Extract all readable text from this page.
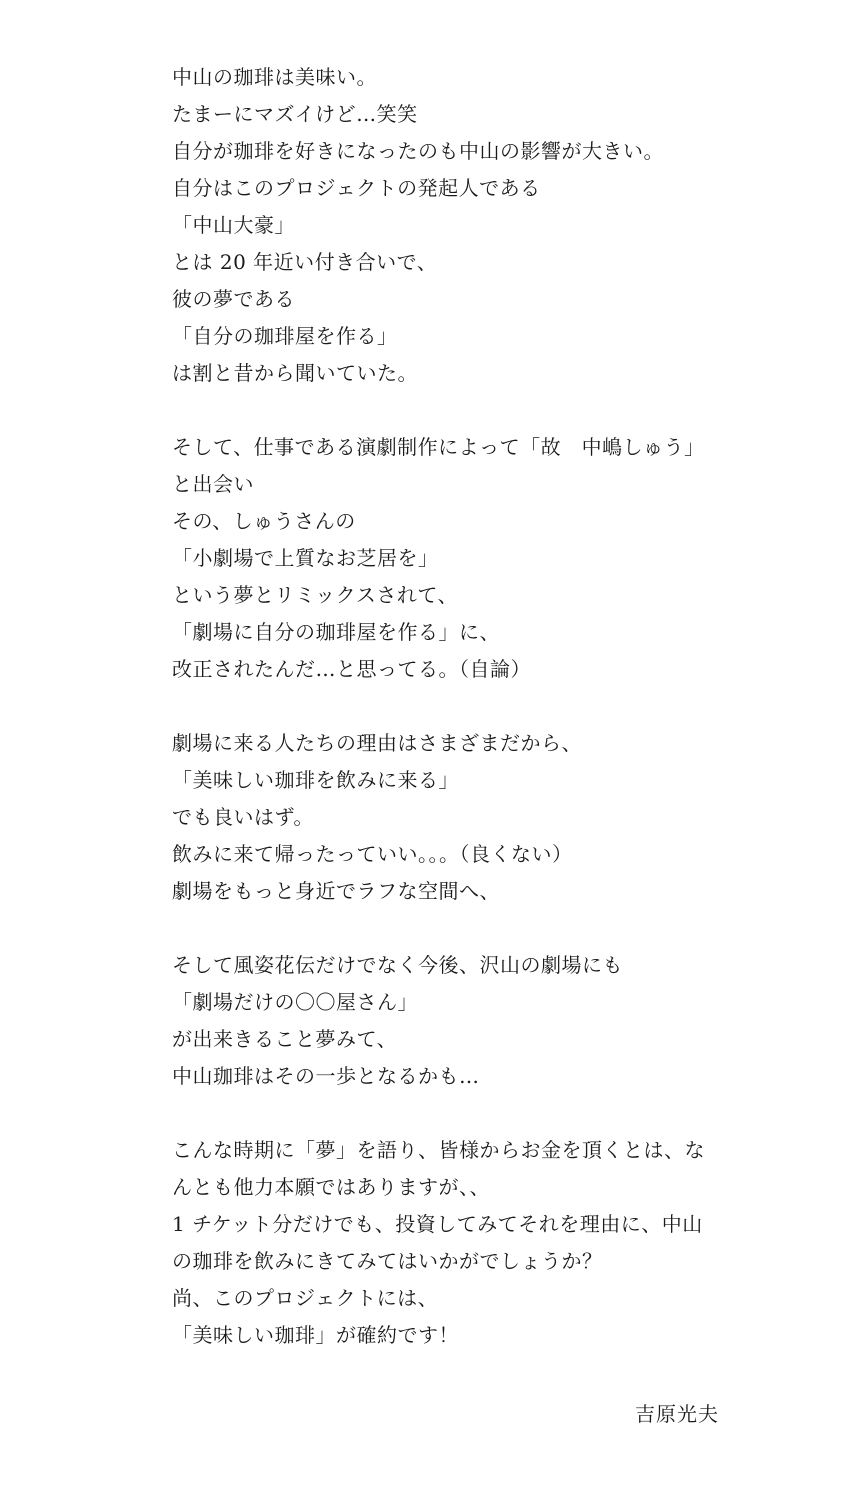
中山の珈琲は美味い。
たまーにマズイけど…笑笑
自分が珈琲を好きになったのも中山の影響が大きい。
自分はこのプロジェクトの発起人である
「中山大豪」
とは 20 年近い付き合いで、
彼の夢である
「自分の珈琲屋を作る」
は割と昔から聞いていた。
そして、仕事である演劇制作によって「故　中嶋しゅう」
と出会い
その、しゅうさんの
「小劇場で上質なお芝居を」
という夢とリミックスされて、
「劇場に自分の珈琲屋を作る」に、
改正されたんだ…と思ってる。（自論）
劇場に来る人たちの理由はさまざまだから、
「美味しい珈琲を飲みに来る」
でも良いはず。
飲みに来て帰ったっていい。。。（良くない）
劇場をもっと身近でラフな空間へ、
そして風姿花伝だけでなく今後、沢山の劇場にも
「劇場だけの〇〇屋さん」
が出来きること夢みて、
中山珈琲はその一歩となるかも…
こんな時期に「夢」を語り、皆様からお金を頂くとは、な
んとも他力本願ではありますが、、
1 チケット分だけでも、投資してみてそれを理由に、中山
の珈琲を飲みにきてみてはいかがでしょうか？
尚、このプロジェクトには、
「美味しい珈琲」が確約です！
吉原光夫
